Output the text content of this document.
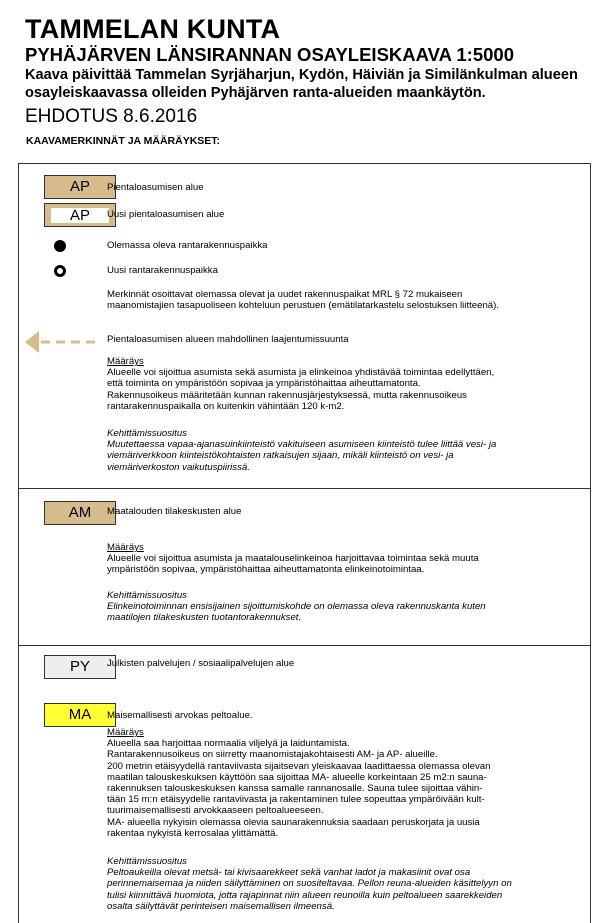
TAMMELAN KUNTA
PYHÄJÄRVEN LÄNSIRANNAN OSAYLEISKAAVA 1:5000
Kaava päivittää Tammelan Syrjäharjun, Kydön, Häiviän ja Similänkulman alueen osayleiskaavassa olleiden Pyhäjärven ranta-alueiden maankäytön.
EHDOTUS 8.6.2016
KAAVAMERKINNÄT JA MÄÄRÄYKSET:
AP	Pientaloasumisen alue
AP	Uusi pientaloasumisen alue
Olemassa oleva rantarakennuspaikka
Uusi rantarakennuspaikka
Merkinnät osoittavat olemassa olevat ja uudet rakennuspaikat MRL § 72 mukaiseen
maanomistajien tasapuoliseen kohteluun perustuen (emätilatarkastelu selostuksen liitteenä).
Pientaloasumisen alueen mahdollinen laajentumissuunta
Määräys
Alueelle voi sijoittua asumista sekä asumista ja elinkeinoa yhdistävää toimintaa edellyttäen,
että toiminta on ympäristöön sopivaa ja ympäristöhaittaa aiheuttamatonta.
Rakennusoikeus määritetään kunnan rakennusjärjestyksessä, mutta rakennusoikeus
rantarakennuspaikalla on kuitenkin vähintään 120 k-m2.
Kehittämissuositus
Muutettaessa vapaa-ajanasuinkiinteistö vakituiseen asumiseen kiinteistö tulee liittää vesi- ja
viemäriverkkoon kiinteistökohtaisten ratkaisujen sijaan, mikäli kiinteistö on vesi- ja
viemäriverkoston vaikutuspiirissä.
AM	Maatalouden tilakeskusten alue
Määräys
Alueelle voi sijoittua asumista ja maatalouselinkeinoa harjoittavaa toimintaa sekä muuta
ympäristöön sopivaa, ympäristöhaittaa aiheuttamatonta elinkeinotoimintaa.
Kehittämissuositus
Elinkeinotoiminnan ensisijainen sijoittumiskohde on olemassa oleva rakennuskanta kuten
maatilojen tilakeskusten tuotantorakennukset.
PY	Julkisten palvelujen / sosiaalipalvelujen alue
MA	Maisemallisesti arvokas peltoalue.
Määräys
Alueella saa harjoittaa normaalia viljelyä ja laiduntamista.
Rantarakennusoikeus on siirretty maanomistajakohtaisesti AM- ja AP- alueille.
200 metrin etäisyydellä rantaviivasta sijaitsevan yleiskaavaa laadittaessa olemassa olevan
maatilan talouskeskuksen käyttöön saa sijoittaa MA- alueelle korkeintaan 25 m2:n sauna-
rakennuksen talouskeskuksen kanssa samalle rannanosalle. Sauna tulee sijoittaa vähin-
tään 15 m:n etäisyydelle rantaviivasta ja rakentaminen tulee sopeuttaa ympäröivään kult-
tuurimaisemallisesti arvokkaaseen peltoalueeseen.
MA- alueella nykyisin olemassa olevia saunarakennuksia saadaan peruskorjata ja uusia
rakentaa nykyistä kerrosalaa ylittämättä.
Kehittämissuositus
Peltoaukeilla olevat metsä- tai kivisaarekkeet sekä vanhat ladot ja makasiinit ovat osa
perinnemaisemaa ja niiden säilyttäminen on suositeltavaa. Pellon reuna-alueiden käsittelyyn on
tulisi kiinnittävä huomiota, jotta rajapinnat niin alueen reunoilla kuin peltoalueen saarekkeiden
osalta säilyttävät perinteisen maisemallisen ilmeensä.
